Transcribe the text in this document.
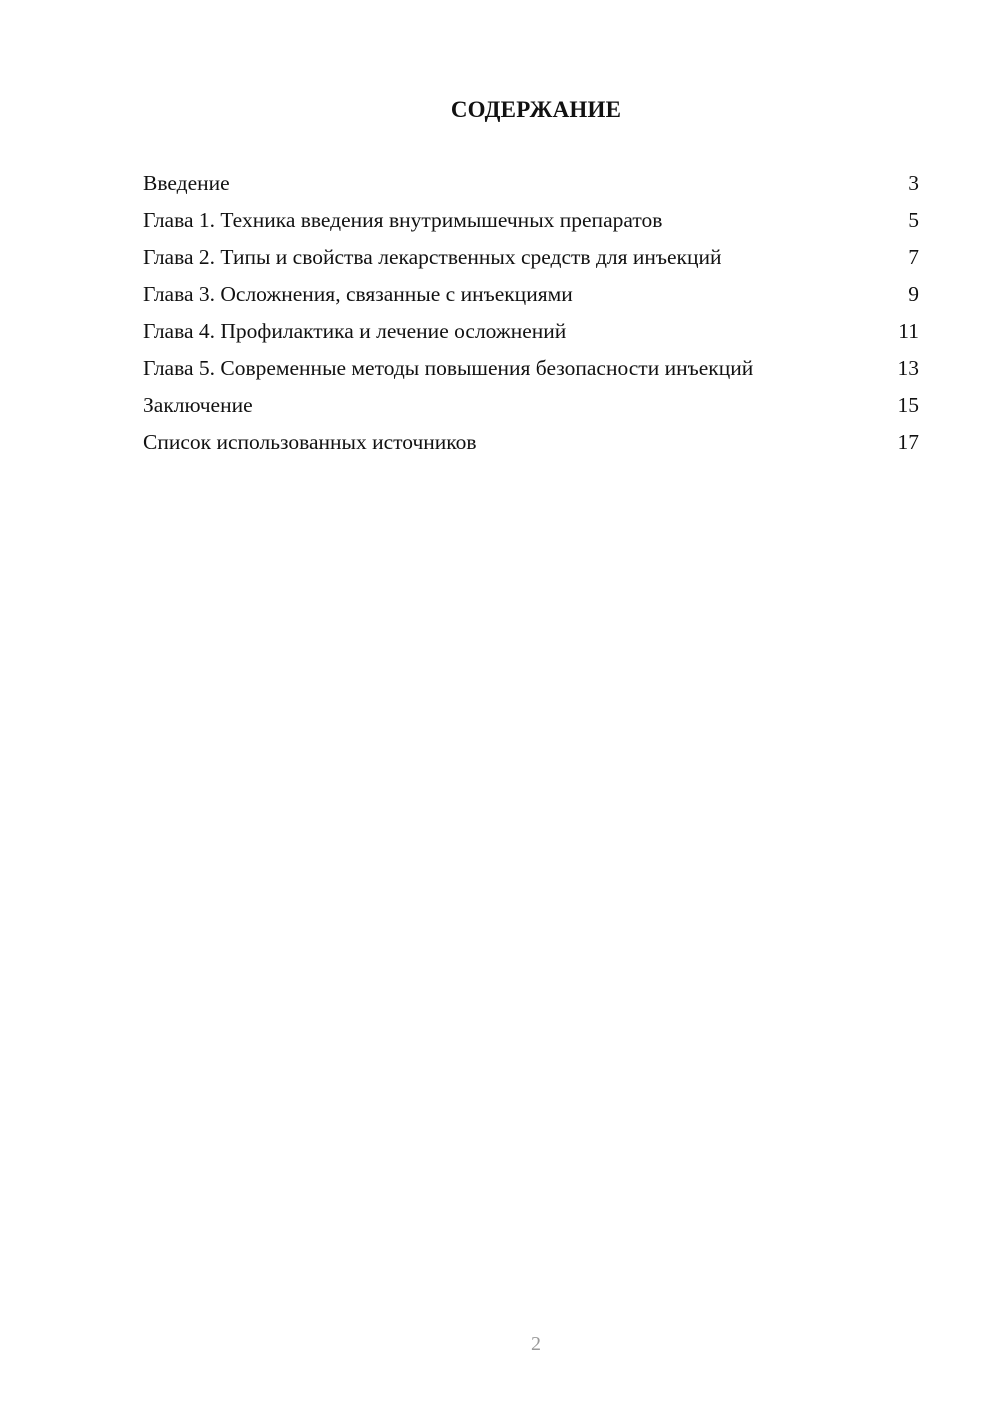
СОДЕРЖАНИЕ
Введение	3
Глава 1. Техника введения внутримышечных препаратов	5
Глава 2. Типы и свойства лекарственных средств для инъекций	7
Глава 3. Осложнения, связанные с инъекциями	9
Глава 4. Профилактика и лечение осложнений	11
Глава 5. Современные методы повышения безопасности инъекций	13
Заключение	15
Список использованных источников	17
2
